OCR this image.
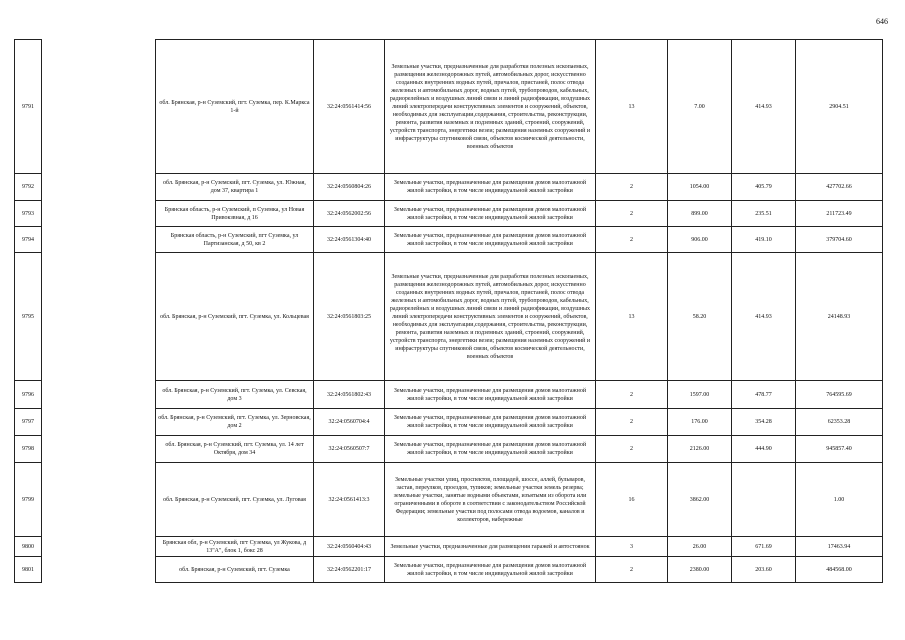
646
9791		обл. Брянская, р-н Суземский, пгт. Суземка, пер. К.Маркса 1-й	32:24:0561414:56	Земельные участки, предназначенные для разработки полезных ископаемых, размещения железнодорожных путей, автомобильных дорог, искусственно созданных внутренних водных путей, причалов, пристаней, полос отвода железных и автомобильных дорог, водных путей, трубопроводов, кабельных, радиорелейных и воздушных линий связи и линий радиофикации, воздушных линий электропередачи конструктивных элементов и сооружений, объектов, необходимых для эксплуатации,содержания, строительства, реконструкции, ремонта, развития наземных и подземных зданий, строений, сооружений, устройств транспорта, энергетики везеи; размещения наземных сооружений и инфраструктуры спутниковой связи, объектов космической деятельности, военных объектов	13	7.00	414.93	2904.51
9792		обл. Брянская, р-н Суземский, пгт. Суземка, ул. Южная, дом 37, квартира 1	32:24:0560804:26	Земельные участки, предназначенные для размещения домов малоэтажной жилой застройки, в том числе индивидуальной жилой застройки	2	1054.00	405.79	427702.66
9793		Брянская область, р-н Суземский, п Суземка, ул Новая Привокзвная, д 16	32:24:0562002:56	Земельные участки, предназначенные для размещения домов малоэтажной жилой застройки, в том числе индивидуальной жилой застройки	2	899.00	235.51	211723.49
9794		Брянская область, р-н Суземский, пгт Суземка, ул Партизанская, д 50, кв 2	32:24:0561304:40	Земельные участки, предназначенные для размещения домов малоэтажной жилой застройки, в том числе индивидуальной жилой застройки	2	906.00	419.10	379704.60
9795		обл. Брянская, р-н Суземский, пгт. Суземка, ул. Кольцевая	32:24:0561803:25	Земельные участки, предназначенные для разработки полезных ископаемых, размещения железнодорожных путей, автомобильных дорог, искусственно созданных внутренних водных путей, причалов, пристаней, полос отвода железных и автомобильных дорог, водных путей, трубопроводов, кабельных, радиорелейных и воздушных линий связи и линий радиофикации, воздушных линий электропередачи конструктивных элементов и сооружений, объектов, необходимых для эксплуатации,содержания, строительства, реконструкции, ремонта, развития наземных и подземных зданий, строений, сооружений, устройств транспорта, энергетики везеи; размещения наземных сооружений и инфраструктуры спутниковой связи, объектов космической деятельности, военных объектов	13	58.20	414.93	24148.93
9796		обл. Брянская, р-н Суземский, пгт. Суземка, ул. Севская, дом 3	32:24:0561802:43	Земельные участки, предназначенные для размещения домов малоэтажной жилой застройки, в том числе индивидуальной жилой застройки	2	1597.00	478.77	764595.69
9797		обл. Брянская, р-н Суземский, пгт. Суземка, ул. Зерновская, дом 2	32:24:0560704:4	Земельные участки, предназначенные для размещения домов малоэтажной жилой застройки, в том числе индивидуальной жилой застройки	2	176.00	354.28	62353.28
9798		обл. Брянская, р-н Суземский, пгт. Суземка, ул. 14 лет Октября, дом 34	32:24:0560507:7	Земельные участки, предназначенные для размещения домов малоэтажной жилой застройки, в том числе индивидуальной жилой застройки	2	2126.00	444.90	945857.40
9799		обл. Брянская, р-н Суземский, пгт. Суземка, ул. Луговая	32:24:0561413:3	Земельные участки улиц, проспектов, площадей, шоссе, аллей, бульваров, застав, переулков, проездов, тупиков; земельные участки земель резерва; земельные участки, занятые водными объектами, изъятыми из оборота или ограниченными в обороте в соответствии с законодательством Российской Федерации; земельные участки под полосами отвода водоемов, каналов и коллекторов, набережные	16	3862.00		1.00
9800		Брянская обл, р-н Суземский, пгт Суземка, ул Жукова, д 13"А", блок 1, бокс 28	32:24:0560404:43	Земельные участки, предназначенные для размещения гаражей и автостоянок	3	26.00	671.69	17463.94
9801		обл. Брянская, р-н Суземский, пгт. Суземка	32:24:0562201:17	Земельные участки, предназначенные для размещения домов малоэтажной жилой застройки, в том числе индивидуальной жилой застройки	2	2380.00	203.60	484568.00
